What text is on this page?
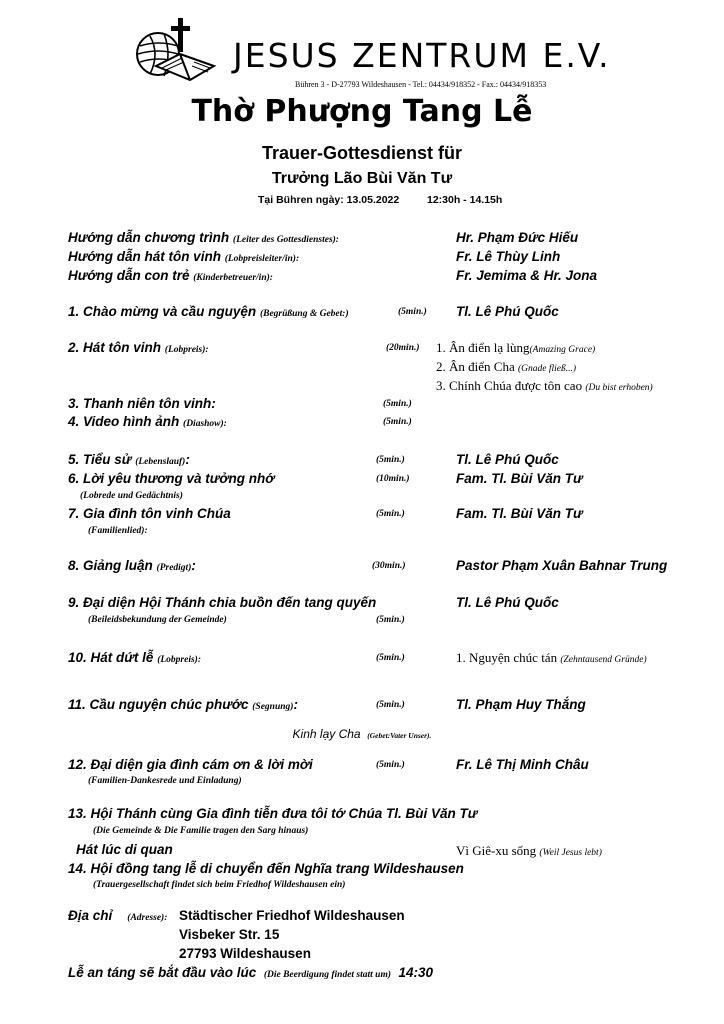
JESUS ZENTRUM E.V.
Bühren 3 - D-27793 Wildeshausen - Tel.: 04434/918352 - Fax.: 04434/918353
Thờ Phượng Tang Lễ
Trauer-Gottesdienst für
Trưởng Lão Bùi Văn Tư
Tại Bühren ngày: 13.05.2022	12:30h - 14.15h
Hướng dẫn chương trình (Leiter des Gottesdienstes):	Hr. Phạm Đức Hiếu
Hướng dẫn hát tôn vinh (Lobpreisleiter/in):	Fr. Lê Thùy Linh
Hướng dẫn con trẻ (Kinderbetreuer/in):	Fr. Jemima & Hr. Jona
1. Chào mừng và cầu nguyện (Begrüßung & Gebet:)	(5min.) Tl. Lê Phú Quốc
2. Hát tôn vinh (Lobpreis):	(20min.) 1. Ân điển lạ lùng(Amazing Grace)
2. Ân điển Cha (Gnade fließ...)
3. Chính Chúa được tôn cao (Du bist erhoben)
3. Thanh niên tôn vinh:	(5min.)
4. Video hình ảnh (Diashow):	(5min.)
5. Tiểu sử (Lebenslauf):	(5min.)	Tl. Lê Phú Quốc
6. Lời yêu thương và tưởng nhớ
(Lobrede und Gedächtnis)
(10min.)	Fam. Tl. Bùi Văn Tư
7. Gia đình tôn vinh Chúa
(Familienlied):
(5min.)	Fam. Tl. Bùi Văn Tư
8. Giảng luận (Predigt):	(30min.)	Pastor Phạm Xuân Bahnar Trung
9. Đại diện Hội Thánh chia buồn đến tang quyến
(Beileidsbekundung der Gemeinde)	(5min.)
Tl. Lê Phú Quốc
10. Hát dứt lễ (Lobpreis):	(5min.)	1. Nguyện chúc tán (Zehntausend Gründe)
11. Cầu nguyện chúc phước (Segnung):	(5min.)	Tl. Phạm Huy Thắng
Kinh lạy Cha (Gebet:Vater Unser).
12. Đại diện gia đình cám ơn & lời mời
(Familien-Dankesrede und Einladung)
(5min.)	Fr. Lê Thị Minh Châu
13. Hội Thánh cùng Gia đình tiễn đưa tôi tớ Chúa Tl. Bùi Văn Tư
(Die Gemeinde & Die Familie tragen den Sarg hinaus)
Hát lúc di quan	Vì Giê-xu sống (Weil Jesus lebt)
14. Hội đồng tang lễ di chuyển đến Nghĩa trang Wildeshausen
(Trauergesellschaft findet sich beim Friedhof Wildeshausen ein)
Địa chỉ (Adresse): Städtischer Friedhof Wildeshausen
Visbeker Str. 15
27793 Wildeshausen
Lễ an táng sẽ bắt đầu vào lúc (Die Beerdigung findet statt um) 14:30
